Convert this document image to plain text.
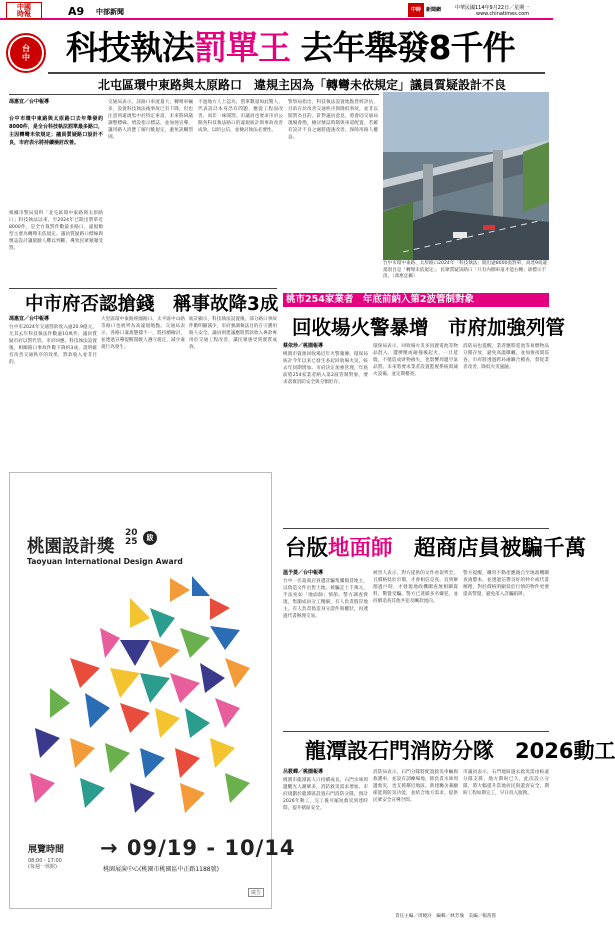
中國
時報	A9 中部新聞	中時	新聞網	中華民國114年9月22日／星期一
www.chinatimes.com
台
中	科技執法罰單王 去年舉發8千件
北屯區環中東路與太原路口　違規主因為「轉彎未依規定」議員質疑設計不良
馮惠宜／台中報導
台中市環中東路與太原路口去年舉發約8000件，是全台科技執法罰單最多路口，主因轉彎未依規定；議員質疑路口設計不良，市府表示將持續檢討改善。
根據市警局資料「北屯區環中東路與太原路口」科技執法以來，至2024年已開出罰單近8000件，是全台裁罰件數最多路口，違規類型主要為轉彎未依規定。議員質疑路口標線與號誌設計讓駕駛人難以判斷，導致民眾頻頻受罰。
交通局表示，該路口車流量大，轉彎車輛多，設置科技執法後事故已有下降，但也注意到違規集中於特定車道，未來將研議調整標線、增設指示標誌，並加強宣導，讓用路人清楚了解行駛規定，避免誤觸罰則。
不過地方人士認為，罰單數量如此驚人，代表設計本身恐有問題，應從工程面改善，而非一味開罰。市議員也要求市府公開各科技執法路口的違規統計與事故改善成效，以昭公信，並檢討執法必要性。
警察局指出，科技執法設置地點皆經評估，目的在於改善交通秩序與降低事故，並非以開罰為目的。針對議員意見，將會同交通局現場會勘，檢討號誌時制與車道配置，若確有設計不良之處將儘速改善，保障用路人權益。
台中市環中東路、太原路口2024年「科技執法」開出逾8000張罰單，高達9成違規項目是「轉彎未依規定」，民眾質疑該路口「只有內側車道才能右轉」卻標示不清。（馮惠宜攝）
中市府否認搶錢　稱事故降3成
馮惠宜／台中報導
台中市2024年交通罰款收入逾20.9億元，尤其去年科技執法件數逾10萬件，議員質疑市府以罰代管。市府回應，科技執法設置後，相關路口事故件數下降約3成，證明確有改善交通秩序的效果，罰款收入並非目的。
大里區環中東路經國路口、太平區中山路等路口也被列為高違規地點。交通局表示，各路口違規態樣不一，將持續檢討，並透過宣導提醒駕駛人遵守規定，減少違規行為發生。
統計顯示，科技執法設置後，部分路口事故件數明顯減少，市府強調執法目的在守護用路人安全。議員則建議應將罰款收入專款專用於交通工程改善，讓民眾感受到實質成效。
桃市254家業者　年底前納入第2波管制對象
回收場火警暴增　市府加強列管
蔡依珍／桃園報導
桃園市資源回收場近年火警頻傳，環保局統計今年以來已發生多起回收場火災，較去年同期增加。市府決定加強管理，年底前將254家業者納入第2波管制對象，要求落實消防安全與分類貯存。
環保局表示，回收場火災多因鋰電池等物品混入，遭擠壓或碰撞後起火，一旦延燒，不僅造成財物損失，也影響周邊空氣品質。未來將要求業者設置監視系統與滅火設備，並定期稽查。
消防局也提醒，業者應將電池等易燃物品分開存放，避免高溫曝曬，並加強夜間巡查。市府將透過跨局處聯合稽查，督促業者改善，降低火災風險。
台版地面師　超商店員被騙千萬
溫予菱／台中報導
台中一名超商店員遭詐騙集團假冒地主，以偽造文件出售土地，被騙走上千萬元，手法宛如「地面師」情節。警方調查發現，集團成員分工精細，有人負責假冒地主，有人負責偽造身分證件與權狀，再透過代書辦理交易。
被害人表示，對方提供的文件看似齊全，且價格低於市價，才會相信是真。直到辦理過戶時，才發現地政機關查無相關資料，驚覺受騙。警方已逮捕多名嫌犯，並持續追查其他共犯及贓款流向。
警方提醒，購買不動產應親自至地政機關查詢謄本，並透過信譽良好的仲介或代書辦理，對於價格明顯低於行情的物件更要提高警覺，避免落入詐騙陷阱。
龍潭設石門消防分隊　2026動工
呂筱蟬／桃園報導
桃園市龍潭區人口持續成長，石門水庫周邊觀光人潮眾多，消防救災需求增加。市府規劃於龍潭區設置石門消防分隊，預計2026年動工，完工後可縮短救災到達時間，提升轄區安全。
消防局表示，石門分隊將配置救災車輛與救護車，並設有訓練場地，除負責水庫周邊救災，也支援鄰近地區。新建廳舍兼顧節能與防災功能，並結合地方需求，提供民眾安全宣導空間。
市議員表示，石門地區過去救災需由較遠分隊支援，地方期盼已久，此次設立分隊，將大幅提升當地居民與遊客安全，期盼工程如期完工，早日投入服務。
桃園設計獎
20
25	跋
Taoyuan International Design Award
展覽時間
08:00 - 17:00
(每週一休館)
→ 09/19 - 10/14
桃園展演中心(桃園市桃園區中正路1188號)
廣告
責任主編／周曉玲　編輯／林芳瑜　美編／楊茜蓉
